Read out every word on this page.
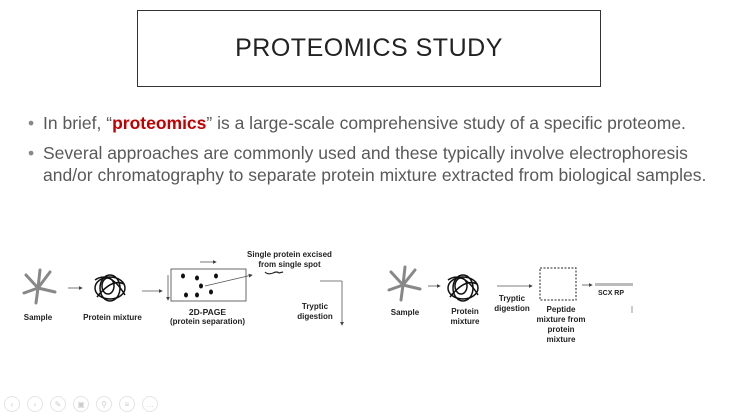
PROTEOMICS STUDY
• In brief, “proteomics” is a large-scale comprehensive study of a specific proteome.
• Several approaches are commonly used and these typically involve electrophoresis and/or chromatography to separate protein mixture extracted from biological samples.
Sample	Protein mixture
2D-PAGE
(protein separation)
Single protein excised from single spot
Tryptic digestion	Sample	Protein mixture
Tryptic digestion	Peptide mixture from protein mixture
SCX RP
‹	›	✎	▣	⚲	≡	…
